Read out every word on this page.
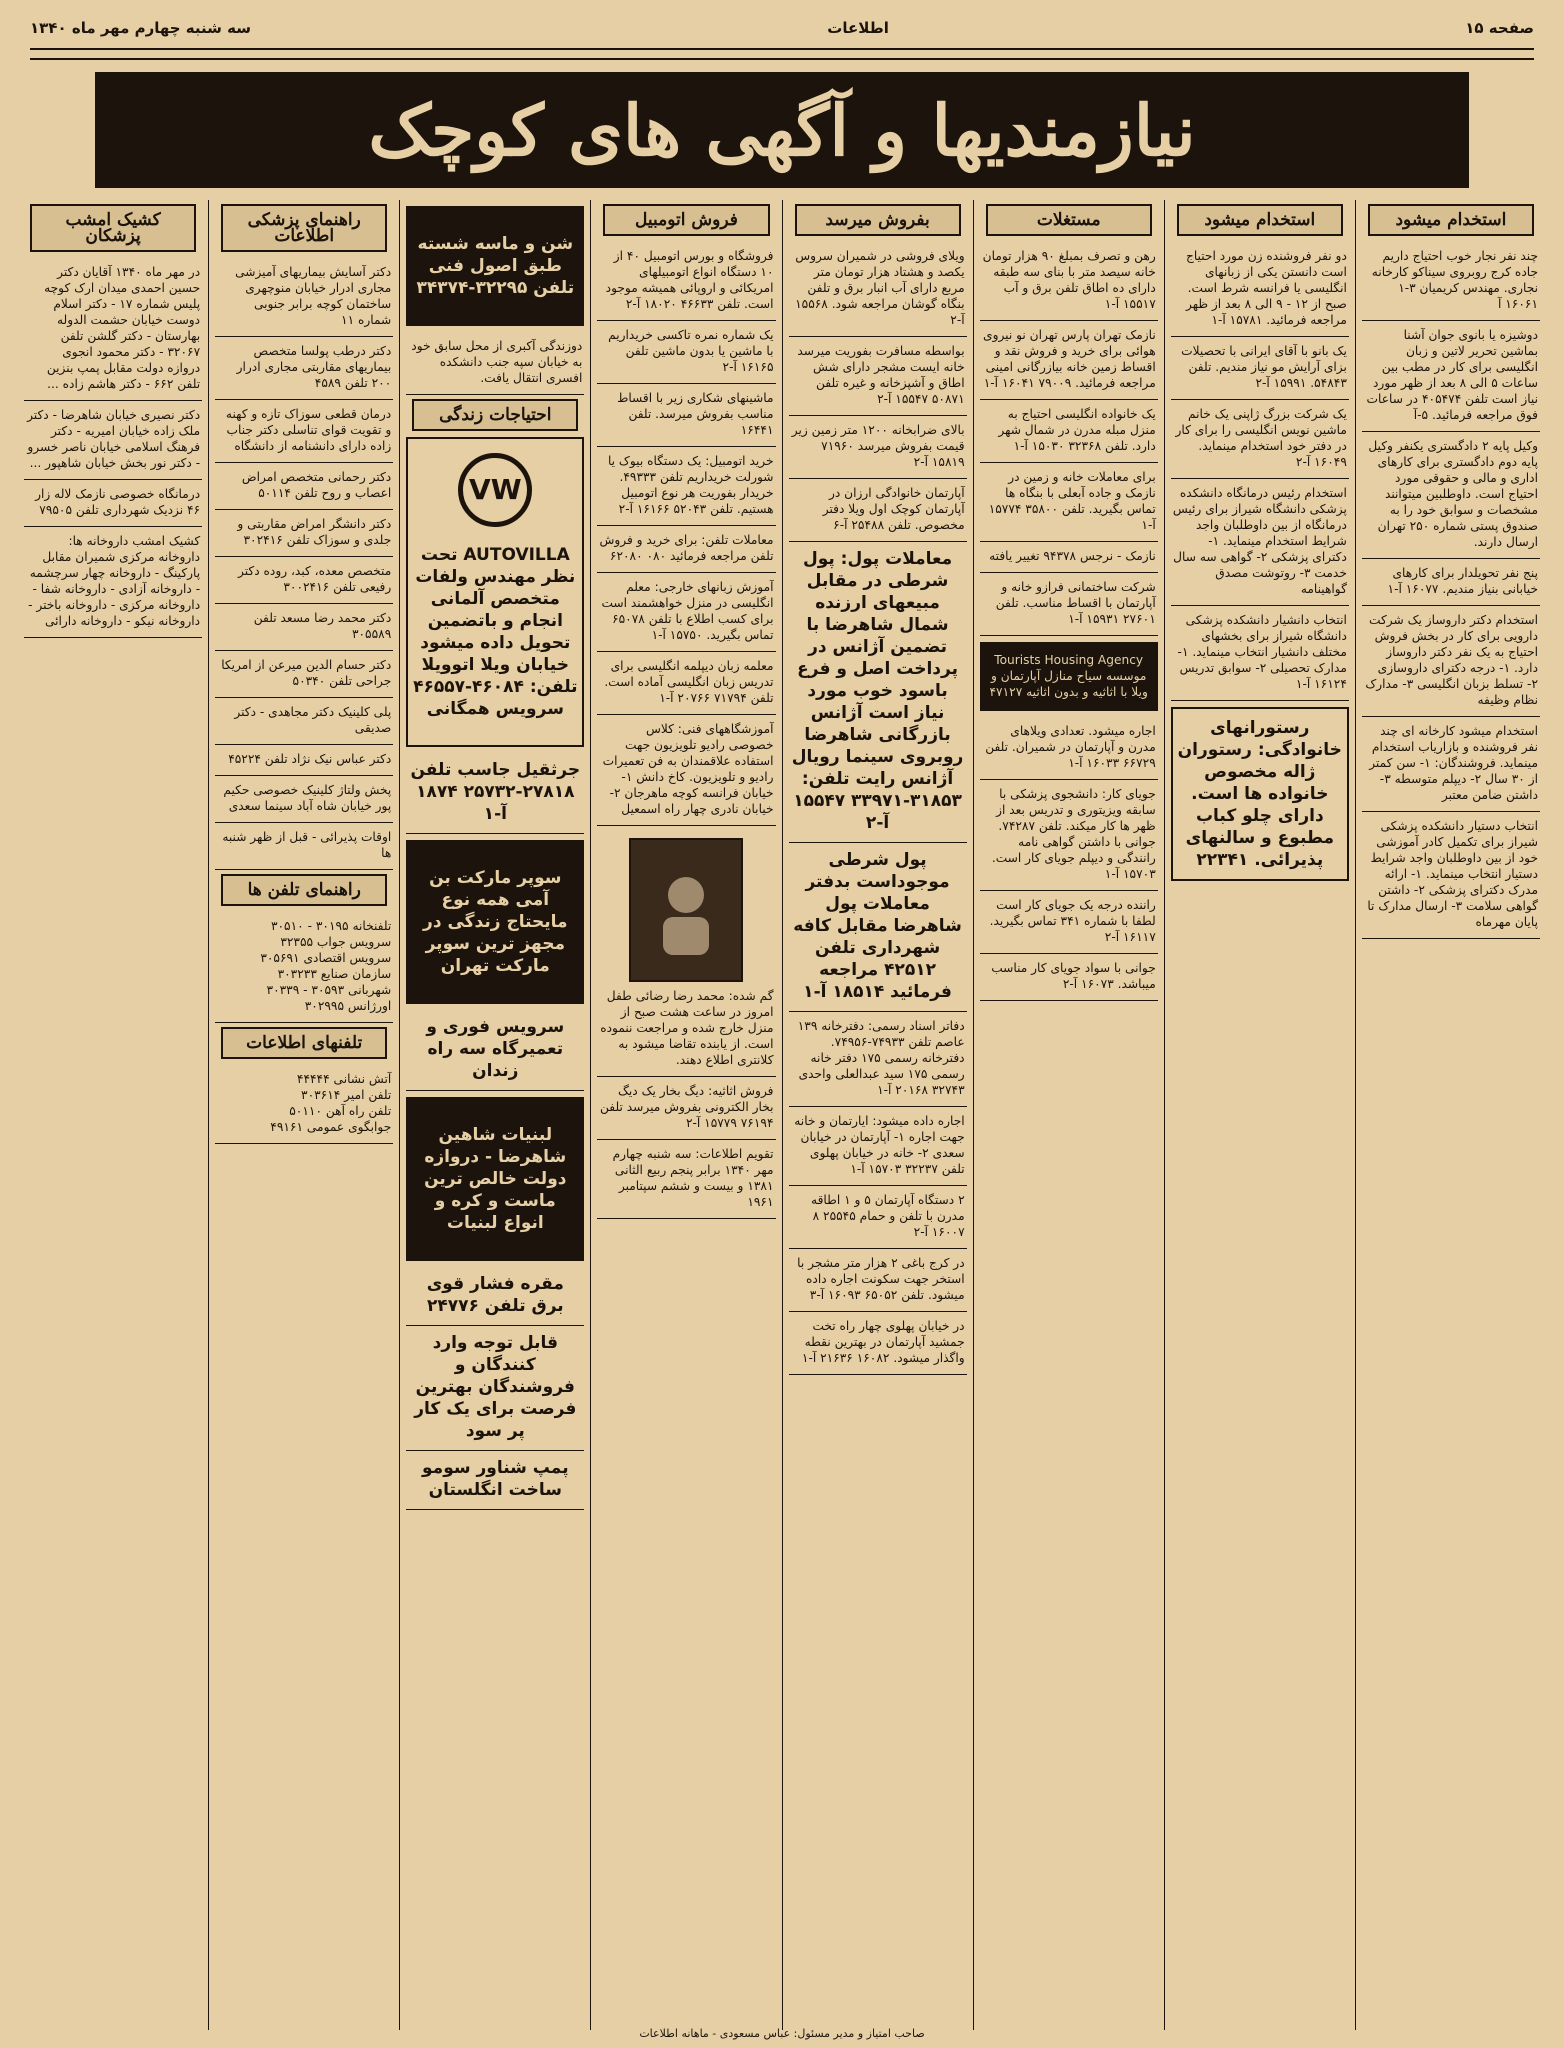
صفحه ۱۵
اطلاعات
سه شنبه چهارم مهر ماه ۱۳۴۰
نیازمندیها و آگهی های کوچک
استخدام میشود

چند نفر نجار خوب احتیاج داریم جاده کرج روبروی سیناکو کارخانه نجاری. مهندس کریمیان ۳-۱ ۱۶۰۶۱ آ

دوشیزه یا بانوی جوان آشنا بماشین تحریر لاتین و زبان انگلیسی برای کار در مطب بین ساعات ۵ الی ۸ بعد از ظهر مورد نیاز است تلفن ۴۰۵۴۷۴ در ساعات فوق مراجعه فرمائید. ۵-آ

وکیل پایه ۲ دادگستری یکنفر وکیل پایه دوم دادگستری برای کارهای اداری و مالی و حقوقی مورد احتیاج است. داوطلبین میتوانند مشخصات و سوابق خود را به صندوق پستی شماره ۲۵۰ تهران ارسال دارند.

پنج نفر تحویلدار برای کارهای خیابانی بنیاز مندیم. ۱۶۰۷۷ آ-۱

استخدام دکتر داروساز یک شرکت دارویی برای کار در بخش فروش احتیاج به یک نفر دکتر داروساز دارد. ۱- درجه دکترای داروسازی ۲- تسلط بزبان انگلیسی ۳- مدارک نظام وظیفه

استخدام میشود کارخانه ای چند نفر فروشنده و بازاریاب استخدام مینماید. فروشندگان: ۱- سن کمتر از ۳۰ سال ۲- دیپلم متوسطه ۳- داشتن ضامن معتبر

انتخاب دستیار دانشکده پزشکی شیراز برای تکمیل کادر آموزشی خود از بین داوطلبان واجد شرایط دستیار انتخاب مینماید. ۱- ارائه مدرک دکترای پزشکی ۲- داشتن گواهی سلامت ۳- ارسال مدارک تا پایان مهرماه

استخدام میشود

دو نفر فروشنده زن مورد احتیاج است دانستن یکی از زبانهای انگلیسی یا فرانسه شرط است. صبح از ۱۲ - ۹ الی ۸ بعد از ظهر مراجعه فرمائید. ۱۵۷۸۱ آ-۱

یک بانو با آقای ایرانی با تحصیلات بزای آرایش مو نیاز مندیم. تلفن ۵۴۸۴۳. ۱۵۹۹۱ آ-۲

یک شرکت بزرگ ژاپنی یک خانم ماشین نویس انگلیسی را برای کار در دفتر خود استخدام مینماید. ۱۶۰۴۹ آ-۲

استخدام رئیس درمانگاه دانشکده پزشکی دانشگاه شیراز برای رئیس درمانگاه از بین داوطلبان واجد شرایط استخدام مینماید. ۱- دکترای پزشکی ۲- گواهی سه سال خدمت ۳- روتوشت مصدق گواهینامه

انتخاب دانشیار دانشکده پزشکی دانشگاه شیراز برای بخشهای مختلف دانشیار انتخاب مینماید. ۱- مدارک تحصیلی ۲- سوابق تدریس ۱۶۱۲۴ آ-۱

رستورانهای خانوادگی: رستوران ژاله مخصوص خانواده ها است. دارای چلو کباب مطبوع و سالنهای پذیرائی. ۲۲۳۴۱

مستغلات

رهن و تصرف بمبلغ ۹۰ هزار تومان خانه سیصد متر با بنای سه طبقه دارای ده اطاق تلفن برق و آب ۱۵۵۱۷ آ-۱

نازمک تهران پارس تهران نو نیروی هوائی برای خرید و فروش نقد و اقساط زمین خانه بیازرگانی امینی مراجعه فرمائید. ۷۹۰۰۹ ۱۶۰۴۱ آ-۱

یک خانواده انگلیسی احتیاج به منزل مبله مدرن در شمال شهر دارد. تلفن ۳۲۳۶۸ ۱۵۰۳۰ آ-۱

برای معاملات خانه و زمین در نازمک و جاده آبعلی با بنگاه ها تماس بگیرید. تلفن ۳۵۸۰۰ ۱۵۷۷۴ آ-۱

نازمک - نرجس ۹۴۳۷۸ تغییر یافته

شرکت ساختمانی فرازو خانه و آپارتمان با اقساط مناسب. تلفن ۲۷۶۰۱ ۱۵۹۳۱ آ-۱

Tourists Housing Agency موسسه سیاح منازل آپارتمان و ویلا با اثاثیه و بدون اثاثیه ۴۷۱۲۷

اجاره میشود. تعدادی ویلاهای مدرن و آپارتمان در شمیران. تلفن ۶۶۷۲۹ ۱۶۰۳۳ آ-۱

جویای کار: دانشجوی پزشکی با سابقه ویزیتوری و تدریس بعد از ظهر ها کار میکند. تلفن ۷۴۲۸۷. جوانی با داشتن گواهی نامه رانندگی و دیپلم جویای کار است. ۱۵۷۰۳ آ-۱

راننده درجه یک جویای کار است لطفا با شماره ۳۴۱ تماس بگیرید. ۱۶۱۱۷ آ-۲

جوانی با سواد جویای کار مناسب میباشد. ۱۶۰۷۳ آ-۲

بفروش میرسد

ویلای فروشی در شمیران سروس یکصد و هشتاد هزار تومان متر مربع دارای آب انبار برق و تلفن بنگاه گوشان مراجعه شود. ۱۵۵۶۸ آ-۲

بواسطه مسافرت بفوریت میرسد خانه ایست مشجر دارای شش اطاق و آشپزخانه و غیره تلفن ۵۰۸۷۱ ۱۵۵۴۷ آ-۲

بالای ضرابخانه ۱۲۰۰ متر زمین زیر قیمت بفروش میرسد ۷۱۹۶۰ ۱۵۸۱۹ آ-۲

آپارتمان خانوادگی ارزان در آپارتمان کوچک اول ویلا دفتر مخصوص. تلفن ۲۵۴۸۸ آ-۶

معاملات پول: پول شرطی در مقابل مبیعهای ارزنده شمال شاهرضا با تضمین آژانس در پرداخت اصل و فرع باسود خوب مورد نیاز است آژانس بازرگانی شاهرضا روبروی سینما رویال آژانس رایت تلفن: ۳۱۸۵۳-۳۳۹۷۱ ۱۵۵۴۷ آ-۲

پول شرطی موجوداست بدفتر معاملات پول شاهرضا مقابل کافه شهرداری تلفن ۴۲۵۱۲ مراجعه فرمائید ۱۸۵۱۴ آ-۱

دفاتر اسناد رسمی: دفترخانه ۱۳۹ عاصم تلفن ۷۴۹۳۳-۷۴۹۵۶. دفترخانه رسمی ۱۷۵ دفتر خانه رسمی ۱۷۵ سید عبدالعلی واحدی ۳۲۷۴۳ ۲۰۱۶۸ آ-۱

اجاره داده میشود: ایارتمان و خانه جهت اجاره ۱- آپارتمان در خیابان سعدی ۲- خانه در خیابان پهلوی تلفن ۳۲۲۳۷ ۱۵۷۰۳ آ-۱

۲ دستگاه آپارتمان ۵ و ۱ اطاقه مدرن با تلفن و حمام ۲۵۵۴۵ ۸ ۱۶۰۰۷ آ-۲

در کرج باغی ۲ هزار متر مشجر با استخر جهت سکونت اجاره داده میشود. تلفن ۶۵۰۵۲ ۱۶۰۹۳ آ-۳

در خیابان پهلوی چهار راه تخت جمشید آپارتمان در بهترین نقطه واگذار میشود. ۱۶۰۸۲ ۲۱۶۳۶ آ-۱

فروش اتومبیل

فروشگاه و بورس اتومبیل ۴۰ از ۱۰ دستگاه انواع اتومبیلهای امریکائی و اروپائی همیشه موجود است. تلفن ۴۶۶۳۳ ۱۸۰۲۰ آ-۲

یک شماره نمره تاکسی خریداریم با ماشین یا بدون ماشین تلفن ۱۶۱۶۵ آ-۲

ماشینهای شکاری زیر با اقساط مناسب بفروش میرسد. تلفن ۱۶۴۴۱

خرید اتومبیل: یک دستگاه بیوک یا شورلت خریداریم تلفن ۴۹۳۳۳. خریدار بفوریت هر نوع اتومبیل هستیم. تلفن ۵۲۰۴۳ ۱۶۱۶۶ آ-۲

معاملات تلفن: برای خرید و فروش تلفن مراجعه فرمائید ۰۸۰ ۶۲۰۸۰

آموزش زبانهای خارجی: معلم انگلیسی در منزل خواهشمند است برای کسب اطلاع با تلفن ۶۵۰۷۸ تماس بگیرید. ۱۵۷۵۰ آ-۱

معلمه زبان دیپلمه انگلیسی برای تدریس زبان انگلیسی آماده است. تلفن ۷۱۷۹۴ ۲۰۷۶۶ آ-۱

آموزشگاههای فنی: کلاس خصوصی رادیو تلویزیون جهت استفاده علاقمندان به فن تعمیرات رادیو و تلویزیون. کاخ دانش ۱- خیابان فرانسه کوچه ماهرجان ۲- خیابان نادری چهار راه اسمعیل

گم شده: محمد رضا رضائی طفل امروز در ساعت هشت صبح از منزل خارج شده و مراجعت ننموده است. از یابنده تقاضا میشود به کلانتری اطلاع دهند.

فروش اثاثیه: دیگ بخار یک دیگ بخار الکترونی بفروش میرسد تلفن ۷۶۱۹۴ ۱۵۷۷۹ آ-۲

تقویم اطلاعات: سه شنبه چهارم مهر ۱۳۴۰ برابر پنجم ربیع الثانی ۱۳۸۱ و بیست و ششم سپتامبر ۱۹۶۱

شن و ماسه شسته طبق اصول فنی تلفن ۳۲۲۹۵-۳۴۳۷۴

دوزندگی آکبری از محل سابق خود به خیابان سپه جنب دانشکده افسری انتقال یافت.

احتیاجات زندگی
VW

AUTOVILLA تحت نظر مهندس ولفات متخصص آلمانی انجام و باتضمین تحویل داده میشود خیابان ویلا اتوویلا تلفن: ۴۶۰۸۴-۴۶۵۵۷ سرویس همگانی

جرثقیل جاسب تلفن ۲۷۸۱۸-۲۵۷۳۲ ۱۸۷۴ آ-۱

سوپر مارکت بن آمی همه نوع مایحتاج زندگی در مجهز ترین سوپر مارکت تهران

سرویس فوری و تعمیرگاه سه راه زندان

لبنیات شاهین شاهرضا - دروازه دولت خالص ترین ماست و کره و انواع لبنیات

مقره فشار قوی برق تلفن ۲۴۷۷۶

قابل توجه وارد کنندگان و فروشندگان بهترین فرصت برای یک کار پر سود

پمپ شناور سومو ساخت انگلستان

راهنمای پزشکی اطلاعات

دکتر آسایش بیماریهای آمیزشی مجاری ادرار خیابان منوچهری ساختمان کوچه برابر جنوبی شماره ۱۱

دکتر درطب پولسا متخصص بیماریهای مقاربتی مجاری ادرار ۲۰۰ تلفن ۴۵۸۹

درمان قطعی سوزاک تازه و کهنه و تقویت قوای تناسلی دکتر جناب زاده دارای دانشنامه از دانشگاه

دکتر رحمانی متخصص امراض اعصاب و روح تلفن ۵۰۱۱۴

دکتر دانشگر امراض مقاربتی و جلدی و سوزاک تلفن ۳۰۲۴۱۶

متخصص معده، کبد، روده دکتر رفیعی تلفن ۳۰۰۲۴۱۶

دکتر محمد رضا مسعد تلفن ۳۰۵۵۸۹

دکتر حسام الدین میرعن از امریکا جراحی تلفن ۵۰۳۴۰

پلی کلینیک دکتر مجاهدی - دکتر صدیقی

دکتر عباس نیک نژاد تلفن ۴۵۲۲۴

پخش ولتاژ کلینیک خصوصی حکیم پور خیابان شاه آباد سینما سعدی

اوقات پذیرائی - قبل از ظهر شنبه ها

راهنمای تلفن ها

تلفنخانه ۳۰۱۹۵ - ۳۰۵۱۰

سرویس جواب ۳۲۳۵۵

سرویس اقتصادی ۳۰۵۶۹۱

سازمان صنایع ۳۰۳۲۳۳

شهربانی ۳۰۵۹۳ - ۳۰۳۳۹

اورژانس ۳۰۲۹۹۵

تلفنهای اطلاعات

آتش نشانی ۴۴۴۴۴

تلفن امیر ۳۰۳۶۱۴

تلفن راه آهن ۵۰۱۱۰

جوابگوی عمومی ۴۹۱۶۱

کشیک امشب پزشکان

در مهر ماه ۱۳۴۰ آقایان دکتر حسین احمدی میدان ارک کوچه پلیس شماره ۱۷ - دکتر اسلام دوست خیابان حشمت الدوله بهارستان - دکتر گلشن تلفن ۳۲۰۶۷ - دکتر محمود انجوی دروازه دولت مقابل پمپ بنزین تلفن ۶۶۲ - دکتر هاشم زاده ...

دکتر نصیری خیابان شاهرضا - دکتر ملک زاده خیابان امیریه - دکتر فرهنگ اسلامی خیابان ناصر خسرو - دکتر نور بخش خیابان شاهپور ...

درمانگاه خصوصی نازمک لاله زار ۴۶ نزدیک شهرداری تلفن ۷۹۵۰۵

کشیک امشب داروخانه ها: داروخانه مرکزی شمیران مقابل پارکینگ - داروخانه چهار سرچشمه - داروخانه آزادی - داروخانه شفا - داروخانه مرکزی - داروخانه باختر - داروخانه نیکو - داروخانه دارائی

صاحب امتیاز و مدیر مسئول: عباس مسعودی - ماهانه اطلاعات
